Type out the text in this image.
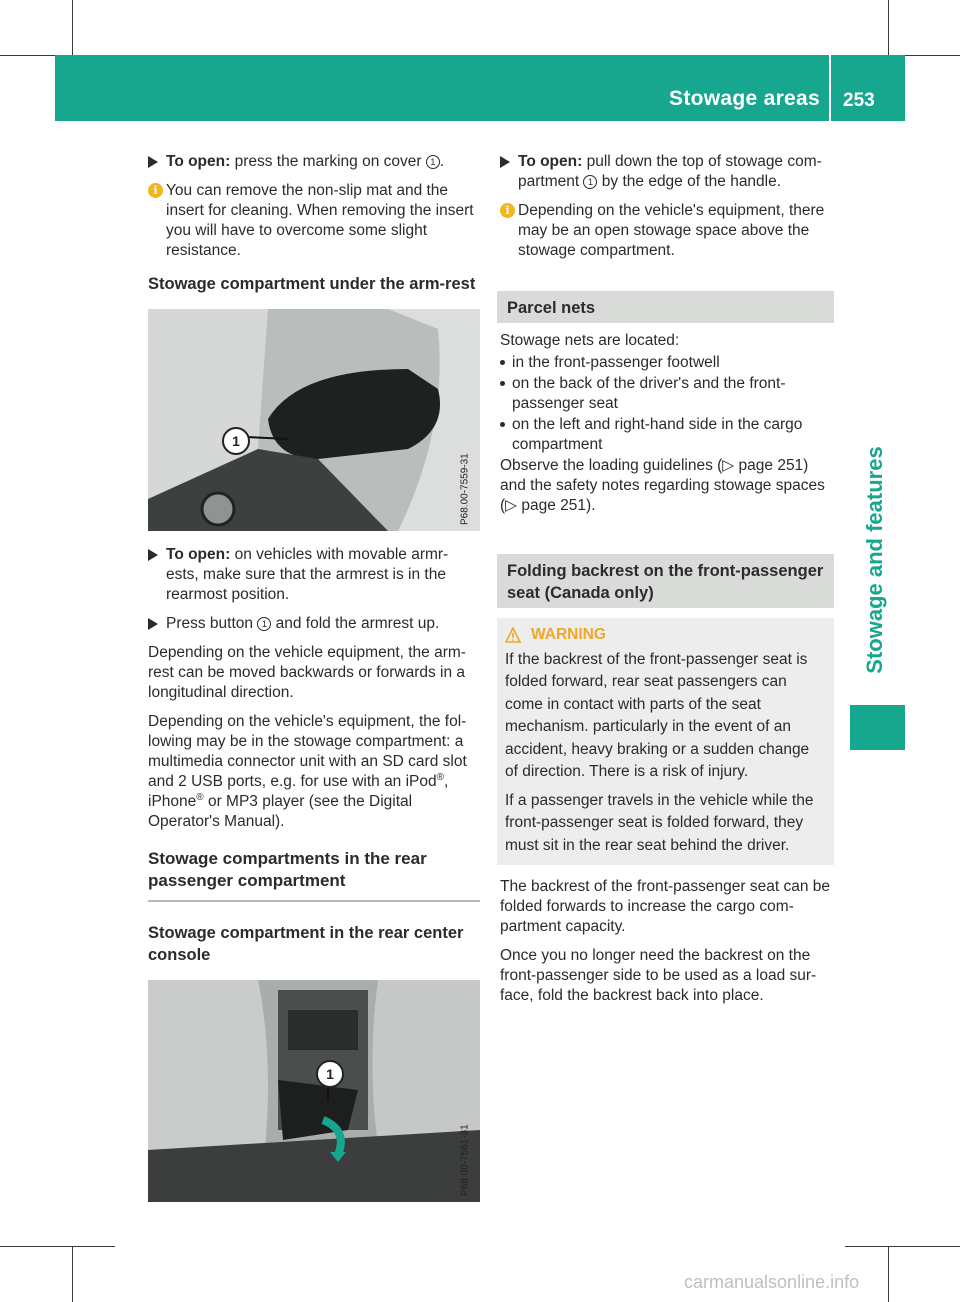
Stowage areas 253
Stowage and features
To open: press the marking on cover 1 .
i You can remove the non-slip mat and the insert for cleaning. When removing the insert you will have to overcome some slight resistance.
Stowage compartment under the arm-rest
1
P68.00-7559-31
To open: on vehicles with movable armr-ests, make sure that the armrest is in the rearmost position.
Press button 1 and fold the armrest up.

Depending on the vehicle equipment, the arm-rest can be moved backwards or forwards in a longitudinal direction.

Depending on the vehicle's equipment, the fol-lowing may be in the stowage compartment: a multimedia connector unit with an SD card slot and 2 USB ports, e.g. for use with an iPod®, iPhone® or MP3 player (see the Digital Operator's Manual).

Stowage compartments in the rear passenger compartment
Stowage compartment in the rear center console
1
P68.00-7561-31
To open: pull down the top of stowage com-partment 1 by the edge of the handle.
i Depending on the vehicle's equipment, there may be an open stowage space above the stowage compartment.
Parcel nets

Stowage nets are located:

in the front-passenger footwell
on the back of the driver's and the front-passenger seat
on the left and right-hand side in the cargo compartment

Observe the loading guidelines (▷ page 251) and the safety notes regarding stowage spaces (▷ page 251).

Folding backrest on the front-passenger seat (Canada only)
WARNING

If the backrest of the front-passenger seat is folded forward, rear seat passengers can come in contact with parts of the seat mechanism. particularly in the event of an accident, heavy braking or a sudden change of direction. There is a risk of injury.

If a passenger travels in the vehicle while the front-passenger seat is folded forward, they must sit in the rear seat behind the driver.

The backrest of the front-passenger seat can be folded forwards to increase the cargo com-partment capacity.

Once you no longer need the backrest on the front-passenger side to be used as a load sur-face, fold the backrest back into place.

carmanualsonline.info
